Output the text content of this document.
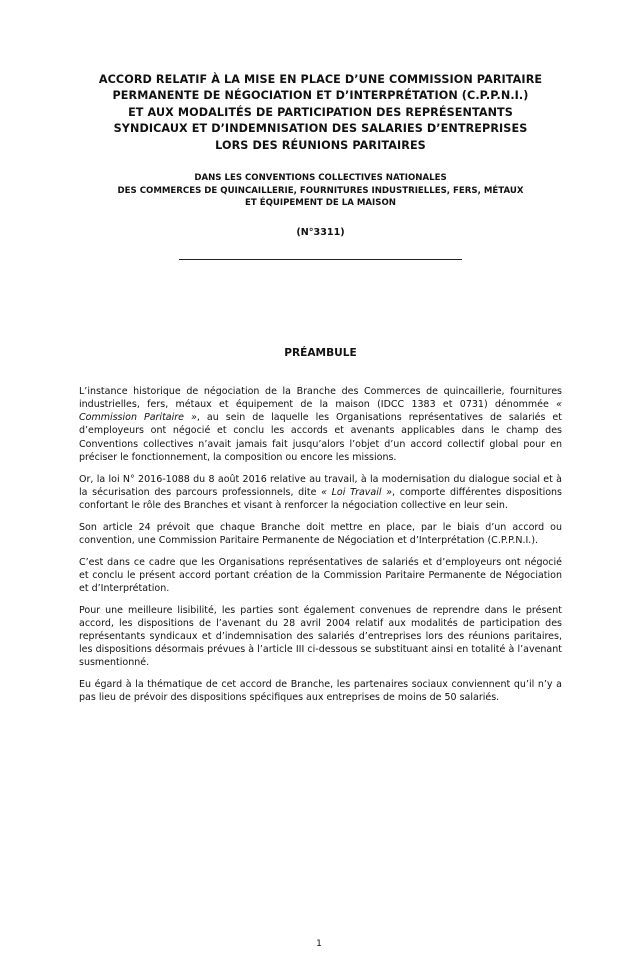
ACCORD RELATIF À LA MISE EN PLACE D’UNE COMMISSION PARITAIRE
PERMANENTE DE NÉGOCIATION ET D’INTERPRÉTATION (C.P.P.N.I.)
ET AUX MODALITÉS DE PARTICIPATION DES REPRÉSENTANTS
SYNDICAUX ET D’INDEMNISATION DES SALARIES D’ENTREPRISES
LORS DES RÉUNIONS PARITAIRES
DANS LES CONVENTIONS COLLECTIVES NATIONALES
DES COMMERCES DE QUINCAILLERIE, FOURNITURES INDUSTRIELLES, FERS, MÉTAUX
ET ÉQUIPEMENT DE LA MAISON
(N°3311)
PRÉAMBULE

L’instance historique de négociation de la Branche des Commerces de quincaillerie, fournitures industrielles, fers, métaux et équipement de la maison (IDCC 1383 et 0731) dénommée « Commission Paritaire », au sein de laquelle les Organisations représentatives de salariés et d’employeurs ont négocié et conclu les accords et avenants applicables dans le champ des Conventions collectives n’avait jamais fait jusqu’alors l’objet d’un accord collectif global pour en préciser le fonctionnement, la composition ou encore les missions.

Or, la loi N° 2016-1088 du 8 août 2016 relative au travail, à la modernisation du dialogue social et à la sécurisation des parcours professionnels, dite « Loi Travail », comporte différentes dispositions confortant le rôle des Branches et visant à renforcer la négociation collective en leur sein.

Son article 24 prévoit que chaque Branche doit mettre en place, par le biais d’un accord ou convention, une Commission Paritaire Permanente de Négociation et d’Interprétation (C.P.P.N.I.).

C’est dans ce cadre que les Organisations représentatives de salariés et d’employeurs ont négocié et conclu le présent accord portant création de la Commission Paritaire Permanente de Négociation et d’Interprétation.

Pour une meilleure lisibilité, les parties sont également convenues de reprendre dans le présent accord, les dispositions de l’avenant du 28 avril 2004 relatif aux modalités de participation des représentants syndicaux et d’indemnisation des salariés d’entreprises lors des réunions paritaires, les dispositions désormais prévues à l’article III ci-dessous se substituant ainsi en totalité à l’avenant susmentionné.

Eu égard à la thématique de cet accord de Branche, les partenaires sociaux conviennent qu’il n’y a pas lieu de prévoir des dispositions spécifiques aux entreprises de moins de 50 salariés.

1
